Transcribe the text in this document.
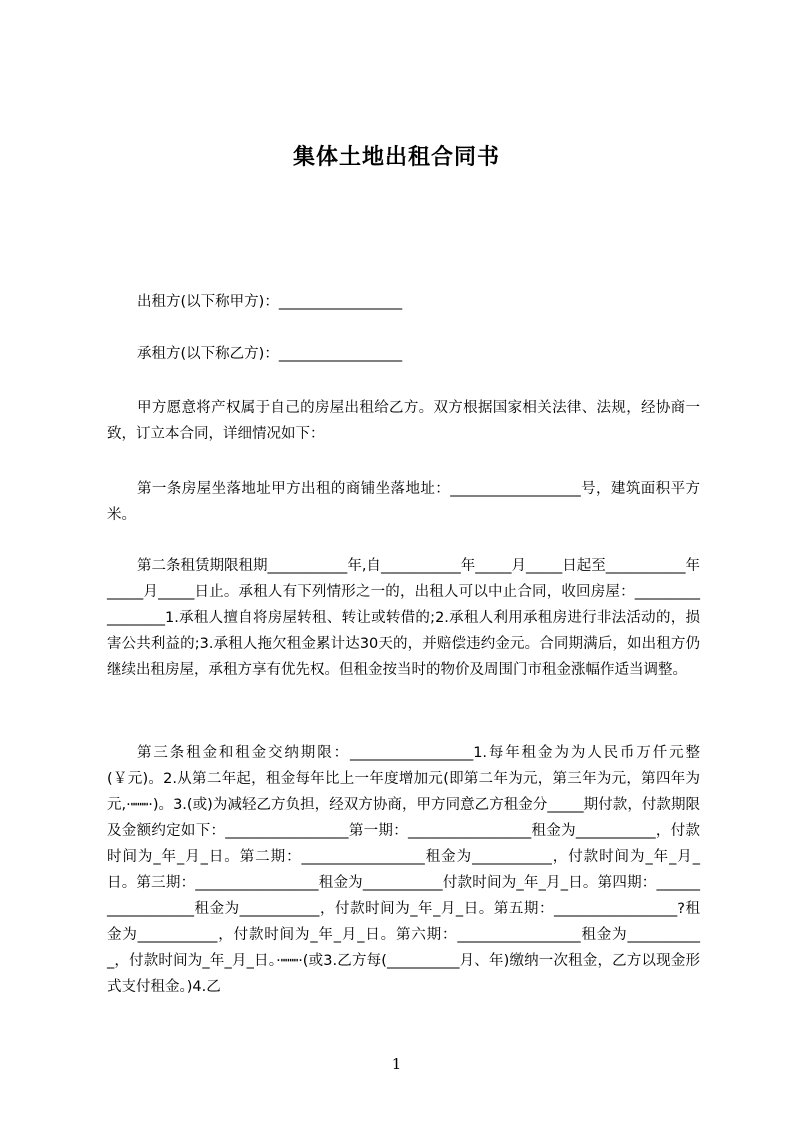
集体土地出租合同书

出租方(以下称甲方)：_________________

承租方(以下称乙方)：_________________

甲方愿意将产权属于自己的房屋出租给乙方。双方根据国家相关法律、法规，经协商一致，订立本合同，详细情况如下：

第一条房屋坐落地址甲方出租的商铺坐落地址：__________________号，建筑面积平方米。

第二条租赁期限租期___________年,自___________年_____月_____日起至___________年_____月_____日止。承租人有下列情形之一的，出租人可以中止合同，收回房屋：_________________1.承租人擅自将房屋转租、转让或转借的;2.承租人利用承租房进行非法活动的，损害公共利益的;3.承租人拖欠租金累计达30天的，并赔偿违约金元。合同期满后，如出租方仍继续出租房屋，承租方享有优先权。但租金按当时的物价及周围门市租金涨幅作适当调整。

第三条租金和租金交纳期限：_________________1.每年租金为为人民币万仟元整(￥元)。2.从第二年起，租金每年比上一年度增加元(即第二年为元，第三年为元，第四年为元,·┉┉·)。3.(或)为减轻乙方负担，经双方协商，甲方同意乙方租金分_____期付款，付款期限及金额约定如下：_________________第一期：_________________租金为___________，付款时间为_年_月_日。第二期：_________________租金为___________，付款时间为_年_月_日。第三期：_________________租金为___________付款时间为_年_月_日。第四期：__________________租金为___________，付款时间为_年_月_日。第五期：_________________?租金为___________，付款时间为_年_月_日。第六期：_________________租金为___________，付款时间为_年_月_日。·┉┉·(或3.乙方每(__________月、年)缴纳一次租金，乙方以现金形式支付租金。)4.乙

1
